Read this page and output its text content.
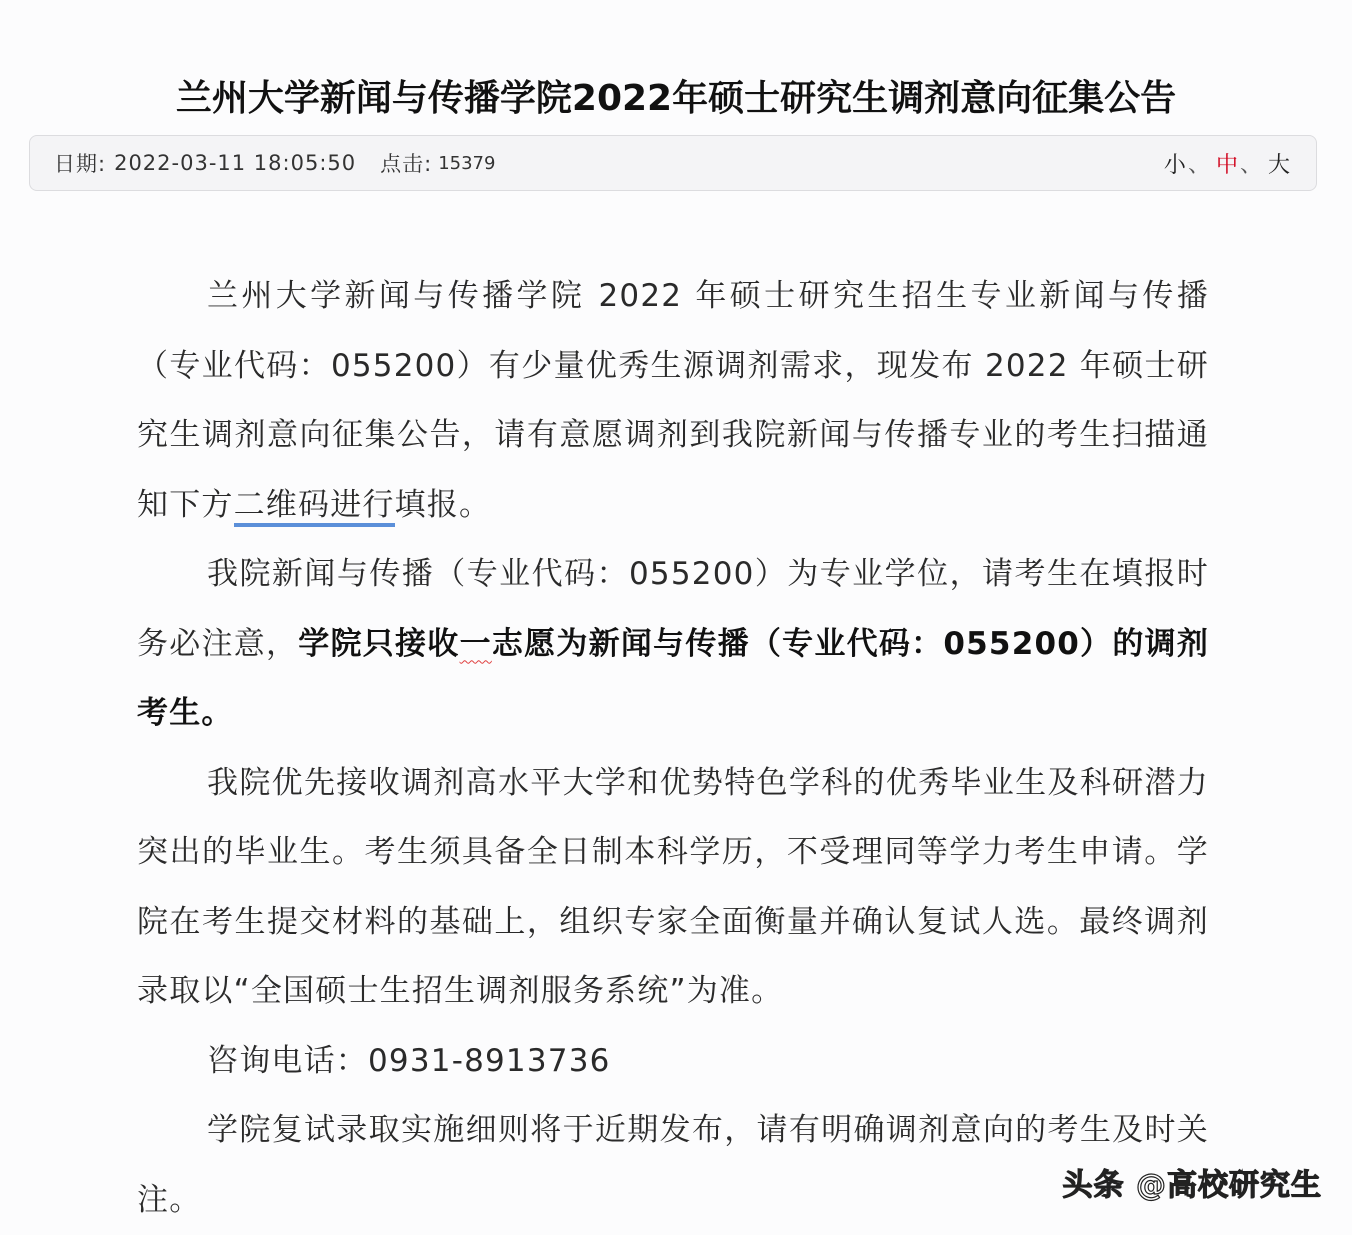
兰州大学新闻与传播学院2022年硕士研究生调剂意向征集公告
日期: 2022-03-11 18:05:50 点击: 15379	小 、 中 、 大

兰州大学新闻与传播学院 2022 年硕士研究生招生专业新闻与传播（专业代码：055200）有少量优秀生源调剂需求，现发布 2022 年硕士研究生调剂意向征集公告，请有意愿调剂到我院新闻与传播专业的考生扫描通知下方二维码进行填报。

我院新闻与传播（专业代码：055200）为专业学位，请考生在填报时务必注意，学院只接收一志愿为新闻与传播（专业代码：055200）的调剂考生。

我院优先接收调剂高水平大学和优势特色学科的优秀毕业生及科研潜力突出的毕业生。考生须具备全日制本科学历，不受理同等学力考生申请。学院在考生提交材料的基础上，组织专家全面衡量并确认复试人选。最终调剂录取以“全国硕士生招生调剂服务系统”为准。

咨询电话：0931-8913736

学院复试录取实施细则将于近期发布，请有明确调剂意向的考生及时关注。	头条 @高校研究生
